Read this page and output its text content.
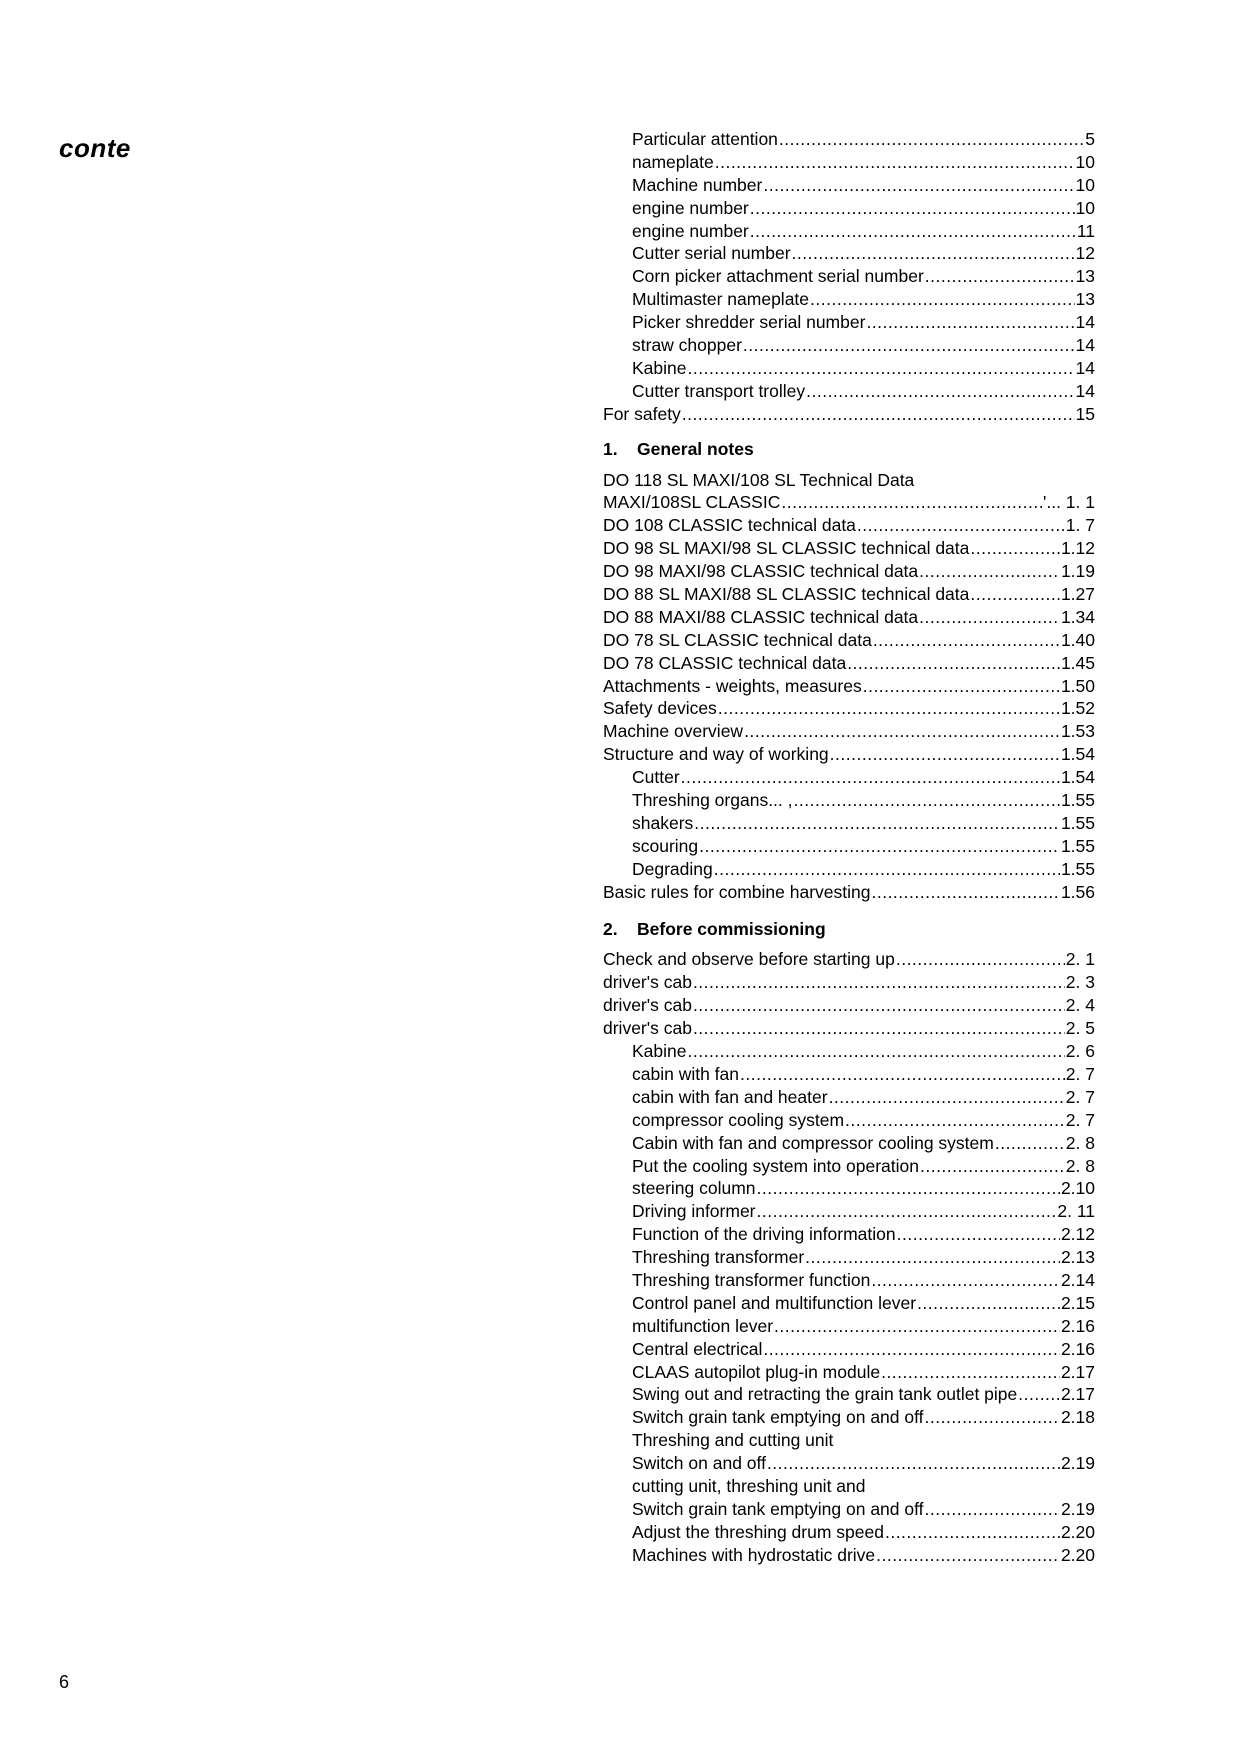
conte	Particular attention .....	5
nameplate .....	10
Machine number .....	10
engine number .....	10
engine number .....	11
Cutter serial number .....	12
Corn picker attachment serial number .....	13
Multimaster nameplate .....	13
Picker shredder serial number .....	14
straw chopper .....	14
Kabine .....	14
Cutter transport trolley .....	14
For safety .....	15
1. General notes
DO 118 SL MAXI/108 SL Technical Data
MAXI/108SL CLASSIC .....	'... 1. 1
DO 108 CLASSIC technical data .....	1. 7
DO 98 SL MAXI/98 SL CLASSIC technical data .....	1.12
DO 98 MAXI/98 CLASSIC technical data .....	1.19
DO 88 SL MAXI/88 SL CLASSIC technical data .....	1.27
DO 88 MAXI/88 CLASSIC technical data .....	1.34
DO 78 SL CLASSIC technical data .....	1.40
DO 78 CLASSIC technical data .....	1.45
Attachments - weights, measures .....	1.50
Safety devices .....	1.52
Machine overview .....	1.53
Structure and way of working .....	1.54
Cutter .....	1.54
Threshing organs... , .....	1.55
shakers .....	1.55
scouring .....	1.55
Degrading .....	1.55
Basic rules for combine harvesting .....	1.56
2. Before commissioning
Check and observe before starting up .....	2. 1
driver's cab .....	2. 3
driver's cab .....	2. 4
driver's cab .....	2. 5
Kabine .....	2. 6
cabin with fan .....	2. 7
cabin with fan and heater .....	2. 7
compressor cooling system .....	2. 7
Cabin with fan and compressor cooling system .....	2. 8
Put the cooling system into operation .....	2. 8
steering column .....	2.10
Driving informer .....	2. 11
Function of the driving information .....	2.12
Threshing transformer .....	2.13
Threshing transformer function .....	2.14
Control panel and multifunction lever .....	2.15
multifunction lever .....	2.16
Central electrical .....	2.16
CLAAS autopilot plug-in module .....	2.17
Swing out and retracting the grain tank outlet pipe ..... 2.17
Switch grain tank emptying on and off .....	2.18
Threshing and cutting unit
Switch on and off .....	2.19
cutting unit, threshing unit and
Switch grain tank emptying on and off .....	2.19
Adjust the threshing drum speed .....	2.20
Machines with hydrostatic drive .....	2.20
6
